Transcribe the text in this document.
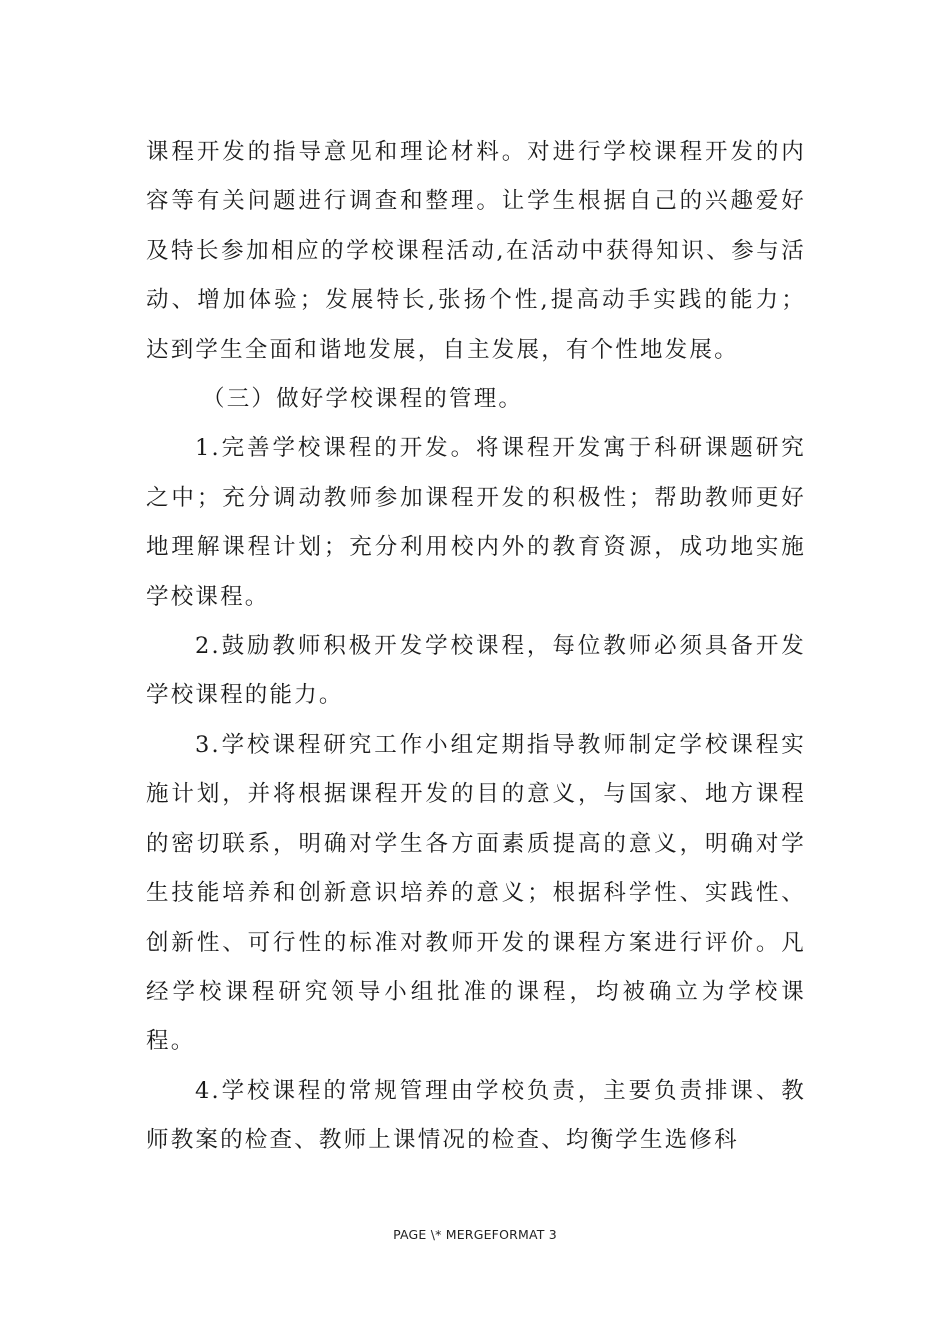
课程开发的指导意见和理论材料。对进行学校课程开发的内容等有关问题进行调查和整理。让学生根据自己的兴趣爱好及特长参加相应的学校课程活动,在活动中获得知识、参与活动、增加体验；发展特长,张扬个性,提高动手实践的能力；达到学生全面和谐地发展，自主发展，有个性地发展。

（三）做好学校课程的管理。

1.完善学校课程的开发。将课程开发寓于科研课题研究之中；充分调动教师参加课程开发的积极性；帮助教师更好地理解课程计划；充分利用校内外的教育资源，成功地实施学校课程。

2.鼓励教师积极开发学校课程，每位教师必须具备开发学校课程的能力。

3.学校课程研究工作小组定期指导教师制定学校课程实施计划，并将根据课程开发的目的意义，与国家、地方课程的密切联系，明确对学生各方面素质提高的意义，明确对学生技能培养和创新意识培养的意义；根据科学性、实践性、创新性、可行性的标准对教师开发的课程方案进行评价。凡经学校课程研究领导小组批准的课程，均被确立为学校课程。

4.学校课程的常规管理由学校负责，主要负责排课、教师教案的检查、教师上课情况的检查、均衡学生选修科

PAGE \* MERGEFORMAT 3
